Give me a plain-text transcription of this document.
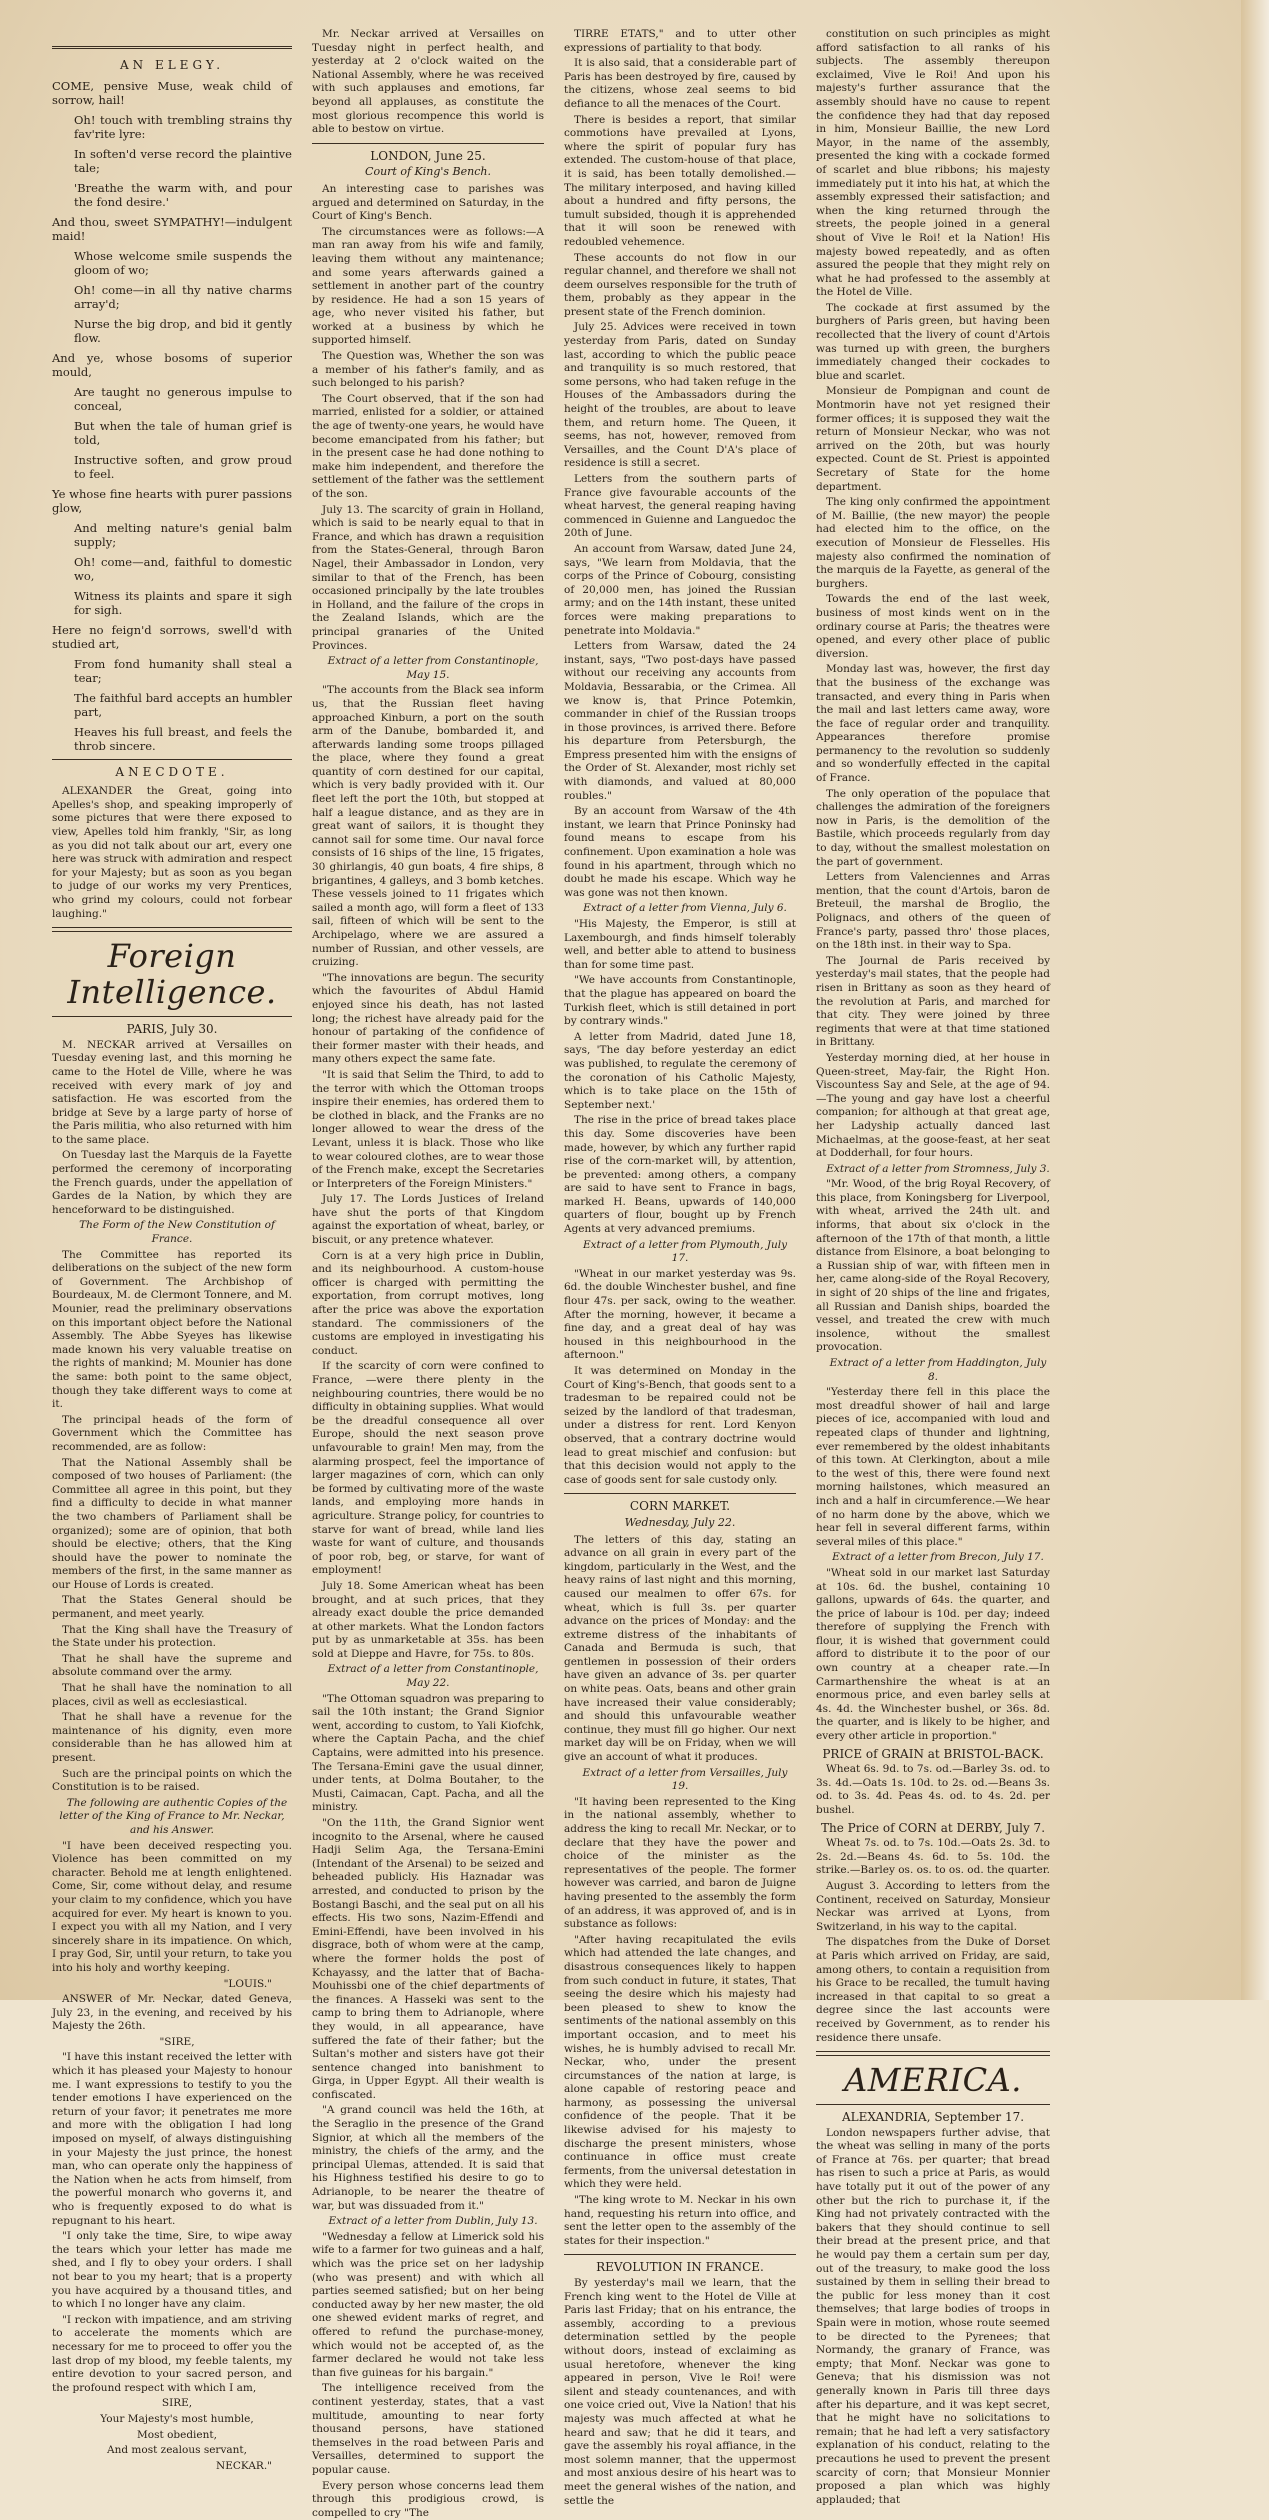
AN ELEGY.

COME, pensive Muse, weak child of sorrow, hail!

Oh! touch with trembling strains thy fav'rite lyre:

In soften'd verse record the plaintive tale;

'Breathe the warm with, and pour the fond desire.'

And thou, sweet SYMPATHY!—indulgent maid!

Whose welcome smile suspends the gloom of wo;

Oh! come—in all thy native charms array'd;

Nurse the big drop, and bid it gently flow.

And ye, whose bosoms of superior mould,

Are taught no generous impulse to conceal,

But when the tale of human grief is told,

Instructive soften, and grow proud to feel.

Ye whose fine hearts with purer passions glow,

And melting nature's genial balm supply;

Oh! come—and, faithful to domestic wo,

Witness its plaints and spare it sigh for sigh.

Here no feign'd sorrows, swell'd with studied art,

From fond humanity shall steal a tear;

The faithful bard accepts an humbler part,

Heaves his full breast, and feels the throb sincere.

ANECDOTE.

ALEXANDER the Great, going into Apelles's shop, and speaking improperly of some pictures that were there exposed to view, Apelles told him frankly, "Sir, as long as you did not talk about our art, every one here was struck with admiration and respect for your Majesty; but as soon as you began to judge of our works my very Prentices, who grind my colours, could not forbear laughing."

Foreign Intelligence.
PARIS, July 30.

M. NECKAR arrived at Versailles on Tuesday evening last, and this morning he came to the Hotel de Ville, where he was received with every mark of joy and satisfaction. He was escorted from the bridge at Seve by a large party of horse of the Paris militia, who also returned with him to the same place.

On Tuesday last the Marquis de la Fayette performed the ceremony of incorporating the French guards, under the appellation of Gardes de la Nation, by which they are henceforward to be distinguished.

The Form of the New Constitution of France.

The Committee has reported its deliberations on the subject of the new form of Government. The Archbishop of Bourdeaux, M. de Clermont Tonnere, and M. Mounier, read the preliminary observations on this important object before the National Assembly. The Abbe Syeyes has likewise made known his very valuable treatise on the rights of mankind; M. Mounier has done the same: both point to the same object, though they take different ways to come at it.

The principal heads of the form of Government which the Committee has recommended, are as follow:

That the National Assembly shall be composed of two houses of Parliament: (the Committee all agree in this point, but they find a difficulty to decide in what manner the two chambers of Parliament shall be organized); some are of opinion, that both should be elective; others, that the King should have the power to nominate the members of the first, in the same manner as our House of Lords is created.

That the States General should be permanent, and meet yearly.

That the King shall have the Treasury of the State under his protection.

That he shall have the supreme and absolute command over the army.

That he shall have the nomination to all places, civil as well as ecclesiastical.

That he shall have a revenue for the maintenance of his dignity, even more considerable than he has allowed him at present.

Such are the principal points on which the Constitution is to be raised.

The following are authentic Copies of the letter of the King of France to Mr. Neckar, and his Answer.

"I have been deceived respecting you. Violence has been committed on my character. Behold me at length enlightened. Come, Sir, come without delay, and resume your claim to my confidence, which you have acquired for ever. My heart is known to you. I expect you with all my Nation, and I very sincerely share in its impatience. On which, I pray God, Sir, until your return, to take you into his holy and worthy keeping.

"LOUIS."

ANSWER of Mr. Neckar, dated Geneva, July 23, in the evening, and received by his Majesty the 26th.

"SIRE,

"I have this instant received the letter with which it has pleased your Majesty to honour me. I want expressions to testify to you the tender emotions I have experienced on the return of your favor; it penetrates me more and more with the obligation I had long imposed on myself, of always distinguishing in your Majesty the just prince, the honest man, who can operate only the happiness of the Nation when he acts from himself, from the powerful monarch who governs it, and who is frequently exposed to do what is repugnant to his heart.

"I only take the time, Sire, to wipe away the tears which your letter has made me shed, and I fly to obey your orders. I shall not bear to you my heart; that is a property you have acquired by a thousand titles, and to which I no longer have any claim.

"I reckon with impatience, and am striving to accelerate the moments which are necessary for me to proceed to offer you the last drop of my blood, my feeble talents, my entire devotion to your sacred person, and the profound respect with which I am,

SIRE,

Your Majesty's most humble,

Most obedient,

And most zealous servant,

NECKAR."

Mr. Neckar arrived at Versailles on Tuesday night in perfect health, and yesterday at 2 o'clock waited on the National Assembly, where he was received with such applauses and emotions, far beyond all applauses, as constitute the most glorious recompence this world is able to bestow on virtue.

LONDON, June 25.
Court of King's Bench.

An interesting case to parishes was argued and determined on Saturday, in the Court of King's Bench.

The circumstances were as follows:—A man ran away from his wife and family, leaving them without any maintenance; and some years afterwards gained a settlement in another part of the country by residence. He had a son 15 years of age, who never visited his father, but worked at a business by which he supported himself.

The Question was, Whether the son was a member of his father's family, and as such belonged to his parish?

The Court observed, that if the son had married, enlisted for a soldier, or attained the age of twenty-one years, he would have become emancipated from his father; but in the present case he had done nothing to make him independent, and therefore the settlement of the father was the settlement of the son.

July 13. The scarcity of grain in Holland, which is said to be nearly equal to that in France, and which has drawn a requisition from the States-General, through Baron Nagel, their Ambassador in London, very similar to that of the French, has been occasioned principally by the late troubles in Holland, and the failure of the crops in the Zealand Islands, which are the principal granaries of the United Provinces.

Extract of a letter from Constantinople, May 15.

"The accounts from the Black sea inform us, that the Russian fleet having approached Kinburn, a port on the south arm of the Danube, bombarded it, and afterwards landing some troops pillaged the place, where they found a great quantity of corn destined for our capital, which is very badly provided with it. Our fleet left the port the 10th, but stopped at half a league distance, and as they are in great want of sailors, it is thought they cannot sail for some time. Our naval force consists of 16 ships of the line, 15 frigates, 30 ghirlangis, 40 gun boats, 4 fire ships, 8 brigantines, 4 galleys, and 3 bomb ketches. These vessels joined to 11 frigates which sailed a month ago, will form a fleet of 133 sail, fifteen of which will be sent to the Archipelago, where we are assured a number of Russian, and other vessels, are cruizing.

"The innovations are begun. The security which the favourites of Abdul Hamid enjoyed since his death, has not lasted long; the richest have already paid for the honour of partaking of the confidence of their former master with their heads, and many others expect the same fate.

"It is said that Selim the Third, to add to the terror with which the Ottoman troops inspire their enemies, has ordered them to be clothed in black, and the Franks are no longer allowed to wear the dress of the Levant, unless it is black. Those who like to wear coloured clothes, are to wear those of the French make, except the Secretaries or Interpreters of the Foreign Ministers."

July 17. The Lords Justices of Ireland have shut the ports of that Kingdom against the exportation of wheat, barley, or biscuit, or any pretence whatever.

Corn is at a very high price in Dublin, and its neighbourhood. A custom-house officer is charged with permitting the exportation, from corrupt motives, long after the price was above the exportation standard. The commissioners of the customs are employed in investigating his conduct.

If the scarcity of corn were confined to France, —were there plenty in the neighbouring countries, there would be no difficulty in obtaining supplies. What would be the dreadful consequence all over Europe, should the next season prove unfavourable to grain! Men may, from the alarming prospect, feel the importance of larger magazines of corn, which can only be formed by cultivating more of the waste lands, and employing more hands in agriculture. Strange policy, for countries to starve for want of bread, while land lies waste for want of culture, and thousands of poor rob, beg, or starve, for want of employment!

July 18. Some American wheat has been brought, and at such prices, that they already exact double the price demanded at other markets. What the London factors put by as unmarketable at 35s. has been sold at Dieppe and Havre, for 75s. to 80s.

Extract of a letter from Constantinople, May 22.

"The Ottoman squadron was preparing to sail the 10th instant; the Grand Signior went, according to custom, to Yali Kiofchk, where the Captain Pacha, and the chief Captains, were admitted into his presence. The Tersana-Emini gave the usual dinner, under tents, at Dolma Boutaher, to the Musti, Caimacan, Capt. Pacha, and all the ministry.

"On the 11th, the Grand Signior went incognito to the Arsenal, where he caused Hadji Selim Aga, the Tersana-Emini (Intendant of the Arsenal) to be seized and beheaded publicly. His Haznadar was arrested, and conducted to prison by the Bostangi Baschi, and the seal put on all his effects. His two sons, Nazim-Effendi and Emini-Effendi, have been involved in his disgrace, both of whom were at the camp, where the former holds the post of Kchayassy, and the latter that of Bacha-Mouhissbi one of the chief departments of the finances. A Hasseki was sent to the camp to bring them to Adrianople, where they would, in all appearance, have suffered the fate of their father; but the Sultan's mother and sisters have got their sentence changed into banishment to Girga, in Upper Egypt. All their wealth is confiscated.

"A grand council was held the 16th, at the Seraglio in the presence of the Grand Signior, at which all the members of the ministry, the chiefs of the army, and the principal Ulemas, attended. It is said that his Highness testified his desire to go to Adrianople, to be nearer the theatre of war, but was dissuaded from it."

Extract of a letter from Dublin, July 13.

"Wednesday a fellow at Limerick sold his wife to a farmer for two guineas and a half, which was the price set on her ladyship (who was present) and with which all parties seemed satisfied; but on her being conducted away by her new master, the old one shewed evident marks of regret, and offered to refund the purchase-money, which would not be accepted of, as the farmer declared he would not take less than five guineas for his bargain."

The intelligence received from the continent yesterday, states, that a vast multitude, amounting to near forty thousand persons, have stationed themselves in the road between Paris and Versailles, determined to support the popular cause.

Every person whose concerns lead them through this prodigious crowd, is compelled to cry "The

TIRRE ETATS," and to utter other expressions of partiality to that body.

It is also said, that a considerable part of Paris has been destroyed by fire, caused by the citizens, whose zeal seems to bid defiance to all the menaces of the Court.

There is besides a report, that similar commotions have prevailed at Lyons, where the spirit of popular fury has extended. The custom-house of that place, it is said, has been totally demolished.—The military interposed, and having killed about a hundred and fifty persons, the tumult subsided, though it is apprehended that it will soon be renewed with redoubled vehemence.

These accounts do not flow in our regular channel, and therefore we shall not deem ourselves responsible for the truth of them, probably as they appear in the present state of the French dominion.

July 25. Advices were received in town yesterday from Paris, dated on Sunday last, according to which the public peace and tranquility is so much restored, that some persons, who had taken refuge in the Houses of the Ambassadors during the height of the troubles, are about to leave them, and return home. The Queen, it seems, has not, however, removed from Versailles, and the Count D'A's place of residence is still a secret.

Letters from the southern parts of France give favourable accounts of the wheat harvest, the general reaping having commenced in Guienne and Languedoc the 20th of June.

An account from Warsaw, dated June 24, says, "We learn from Moldavia, that the corps of the Prince of Cobourg, consisting of 20,000 men, has joined the Russian army; and on the 14th instant, these united forces were making preparations to penetrate into Moldavia."

Letters from Warsaw, dated the 24 instant, says, "Two post-days have passed without our receiving any accounts from Moldavia, Bessarabia, or the Crimea. All we know is, that Prince Potemkin, commander in chief of the Russian troops in those provinces, is arrived there. Before his departure from Petersburgh, the Empress presented him with the ensigns of the Order of St. Alexander, most richly set with diamonds, and valued at 80,000 roubles."

By an account from Warsaw of the 4th instant, we learn that Prince Poninsky had found means to escape from his confinement. Upon examination a hole was found in his apartment, through which no doubt he made his escape. Which way he was gone was not then known.

Extract of a letter from Vienna, July 6.

"His Majesty, the Emperor, is still at Laxembourgh, and finds himself tolerably well, and better able to attend to business than for some time past.

"We have accounts from Constantinople, that the plague has appeared on board the Turkish fleet, which is still detained in port by contrary winds."

A letter from Madrid, dated June 18, says, 'The day before yesterday an edict was published, to regulate the ceremony of the coronation of his Catholic Majesty, which is to take place on the 15th of September next.'

The rise in the price of bread takes place this day. Some discoveries have been made, however, by which any further rapid rise of the corn-market will, by attention, be prevented: among others, a company are said to have sent to France in bags, marked H. Beans, upwards of 140,000 quarters of flour, bought up by French Agents at very advanced premiums.

Extract of a letter from Plymouth, July 17.

"Wheat in our market yesterday was 9s. 6d. the double Winchester bushel, and fine flour 47s. per sack, owing to the weather. After the morning, however, it became a fine day, and a great deal of hay was housed in this neighbourhood in the afternoon."

It was determined on Monday in the Court of King's-Bench, that goods sent to a tradesman to be repaired could not be seized by the landlord of that tradesman, under a distress for rent. Lord Kenyon observed, that a contrary doctrine would lead to great mischief and confusion: but that this decision would not apply to the case of goods sent for sale custody only.

CORN MARKET.
Wednesday, July 22.

The letters of this day, stating an advance on all grain in every part of the kingdom, particularly in the West, and the heavy rains of last night and this morning, caused our mealmen to offer 67s. for wheat, which is full 3s. per quarter advance on the prices of Monday: and the extreme distress of the inhabitants of Canada and Bermuda is such, that gentlemen in possession of their orders have given an advance of 3s. per quarter on white peas. Oats, beans and other grain have increased their value considerably; and should this unfavourable weather continue, they must fill go higher. Our next market day will be on Friday, when we will give an account of what it produces.

Extract of a letter from Versailles, July 19.

"It having been represented to the King in the national assembly, whether to address the king to recall Mr. Neckar, or to declare that they have the power and choice of the minister as the representatives of the people. The former however was carried, and baron de Juigne having presented to the assembly the form of an address, it was approved of, and is in substance as follows:

"After having recapitulated the evils which had attended the late changes, and disastrous consequences likely to happen from such conduct in future, it states, That seeing the desire which his majesty had been pleased to shew to know the sentiments of the national assembly on this important occasion, and to meet his wishes, he is humbly advised to recall Mr. Neckar, who, under the present circumstances of the nation at large, is alone capable of restoring peace and harmony, as possessing the universal confidence of the people. That it be likewise advised for his majesty to discharge the present ministers, whose continuance in office must create ferments, from the universal detestation in which they were held.

"The king wrote to M. Neckar in his own hand, requesting his return into office, and sent the letter open to the assembly of the states for their inspection."

REVOLUTION IN FRANCE.

By yesterday's mail we learn, that the French king went to the Hotel de Ville at Paris last Friday; that on his entrance, the assembly, according to a previous determination settled by the people without doors, instead of exclaiming as usual heretofore, whenever the king appeared in person, Vive le Roi! were silent and steady countenances, and with one voice cried out, Vive la Nation! that his majesty was much affected at what he heard and saw; that he did it tears, and gave the assembly his royal affiance, in the most solemn manner, that the uppermost and most anxious desire of his heart was to meet the general wishes of the nation, and settle the

constitution on such principles as might afford satisfaction to all ranks of his subjects. The assembly thereupon exclaimed, Vive le Roi! And upon his majesty's further assurance that the assembly should have no cause to repent the confidence they had that day reposed in him, Monsieur Baillie, the new Lord Mayor, in the name of the assembly, presented the king with a cockade formed of scarlet and blue ribbons; his majesty immediately put it into his hat, at which the assembly expressed their satisfaction; and when the king returned through the streets, the people joined in a general shout of Vive le Roi! et la Nation! His majesty bowed repeatedly, and as often assured the people that they might rely on what he had professed to the assembly at the Hotel de Ville.

The cockade at first assumed by the burghers of Paris green, but having been recollected that the livery of count d'Artois was turned up with green, the burghers immediately changed their cockades to blue and scarlet.

Monsieur de Pompignan and count de Montmorin have not yet resigned their former offices; it is supposed they wait the return of Monsieur Neckar, who was not arrived on the 20th, but was hourly expected. Count de St. Priest is appointed Secretary of State for the home department.

The king only confirmed the appointment of M. Baillie, (the new mayor) the people had elected him to the office, on the execution of Monsieur de Flesselles. His majesty also confirmed the nomination of the marquis de la Fayette, as general of the burghers.

Towards the end of the last week, business of most kinds went on in the ordinary course at Paris; the theatres were opened, and every other place of public diversion.

Monday last was, however, the first day that the business of the exchange was transacted, and every thing in Paris when the mail and last letters came away, wore the face of regular order and tranquility. Appearances therefore promise permanency to the revolution so suddenly and so wonderfully effected in the capital of France.

The only operation of the populace that challenges the admiration of the foreigners now in Paris, is the demolition of the Bastile, which proceeds regularly from day to day, without the smallest molestation on the part of government.

Letters from Valenciennes and Arras mention, that the count d'Artois, baron de Breteuil, the marshal de Broglio, the Polignacs, and others of the queen of France's party, passed thro' those places, on the 18th inst. in their way to Spa.

The Journal de Paris received by yesterday's mail states, that the people had risen in Brittany as soon as they heard of the revolution at Paris, and marched for that city. They were joined by three regiments that were at that time stationed in Brittany.

Yesterday morning died, at her house in Queen-street, May-fair, the Right Hon. Viscountess Say and Sele, at the age of 94.—The young and gay have lost a cheerful companion; for although at that great age, her Ladyship actually danced last Michaelmas, at the goose-feast, at her seat at Dodderhall, for four hours.

Extract of a letter from Stromness, July 3.

"Mr. Wood, of the brig Royal Recovery, of this place, from Koningsberg for Liverpool, with wheat, arrived the 24th ult. and informs, that about six o'clock in the afternoon of the 17th of that month, a little distance from Elsinore, a boat belonging to a Russian ship of war, with fifteen men in her, came along-side of the Royal Recovery, in sight of 20 ships of the line and frigates, all Russian and Danish ships, boarded the vessel, and treated the crew with much insolence, without the smallest provocation.

Extract of a letter from Haddington, July 8.

"Yesterday there fell in this place the most dreadful shower of hail and large pieces of ice, accompanied with loud and repeated claps of thunder and lightning, ever remembered by the oldest inhabitants of this town. At Clerkington, about a mile to the west of this, there were found next morning hailstones, which measured an inch and a half in circumference.—We hear of no harm done by the above, which we hear fell in several different farms, within several miles of this place."

Extract of a letter from Brecon, July 17.

"Wheat sold in our market last Saturday at 10s. 6d. the bushel, containing 10 gallons, upwards of 64s. the quarter, and the price of labour is 10d. per day; indeed therefore of supplying the French with flour, it is wished that government could afford to distribute it to the poor of our own country at a cheaper rate.—In Carmarthenshire the wheat is at an enormous price, and even barley sells at 4s. 4d. the Winchester bushel, or 36s. 8d. the quarter, and is likely to be higher, and every other article in proportion."

PRICE of GRAIN at BRISTOL-BACK.

Wheat 6s. 9d. to 7s. od.—Barley 3s. od. to 3s. 4d.—Oats 1s. 10d. to 2s. od.—Beans 3s. od. to 3s. 4d. Peas 4s. od. to 4s. 2d. per bushel.

The Price of CORN at DERBY, July 7.

Wheat 7s. od. to 7s. 10d.—Oats 2s. 3d. to 2s. 2d.—Beans 4s. 6d. to 5s. 10d. the strike.—Barley os. os. to os. od. the quarter.

August 3. According to letters from the Continent, received on Saturday, Monsieur Neckar was arrived at Lyons, from Switzerland, in his way to the capital.

The dispatches from the Duke of Dorset at Paris which arrived on Friday, are said, among others, to contain a requisition from his Grace to be recalled, the tumult having increased in that capital to so great a degree since the last accounts were received by Government, as to render his residence there unsafe.

AMERICA.
ALEXANDRIA, September 17.

London newspapers further advise, that the wheat was selling in many of the ports of France at 76s. per quarter; that bread has risen to such a price at Paris, as would have totally put it out of the power of any other but the rich to purchase it, if the King had not privately contracted with the bakers that they should continue to sell their bread at the present price, and that he would pay them a certain sum per day, out of the treasury, to make good the loss sustained by them in selling their bread to the public for less money than it cost themselves; that large bodies of troops in Spain were in motion, whose route seemed to be directed to the Pyrenees; that Normandy, the granary of France, was empty; that Monf. Neckar was gone to Geneva; that his dismission was not generally known in Paris till three days after his departure, and it was kept secret, that he might have no solicitations to remain; that he had left a very satisfactory explanation of his conduct, relating to the precautions he used to prevent the present scarcity of corn; that Monsieur Monnier proposed a plan which was highly applauded; that
